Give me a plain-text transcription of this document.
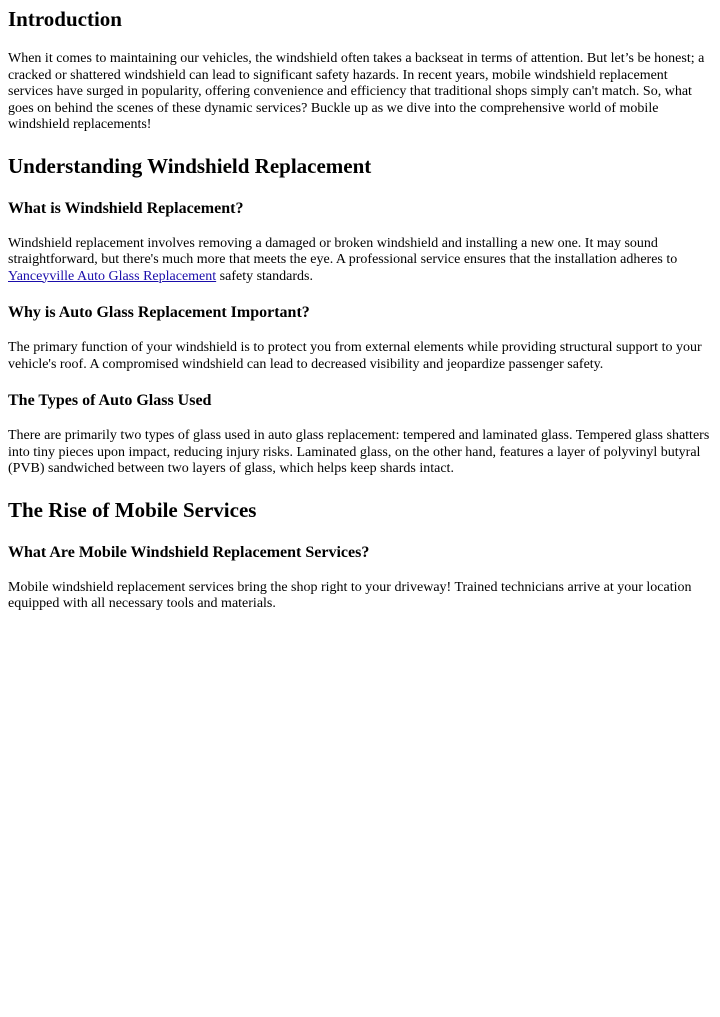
Introduction

When it comes to maintaining our vehicles, the windshield often takes a backseat in terms of attention. But let’s be honest; a cracked or shattered windshield can lead to significant safety hazards. In recent years, mobile windshield replacement services have surged in popularity, offering convenience and efficiency that traditional shops simply can't match. So, what goes on behind the scenes of these dynamic services? Buckle up as we dive into the comprehensive world of mobile windshield replacements!

Understanding Windshield Replacement
What is Windshield Replacement?

Windshield replacement involves removing a damaged or broken windshield and installing a new one. It may sound straightforward, but there's much more that meets the eye. A professional service ensures that the installation adheres to Yanceyville Auto Glass Replacement safety standards.

Why is Auto Glass Replacement Important?

The primary function of your windshield is to protect you from external elements while providing structural support to your vehicle's roof. A compromised windshield can lead to decreased visibility and jeopardize passenger safety.

The Types of Auto Glass Used

There are primarily two types of glass used in auto glass replacement: tempered and laminated glass. Tempered glass shatters into tiny pieces upon impact, reducing injury risks. Laminated glass, on the other hand, features a layer of polyvinyl butyral (PVB) sandwiched between two layers of glass, which helps keep shards intact.

The Rise of Mobile Services
What Are Mobile Windshield Replacement Services?

Mobile windshield replacement services bring the shop right to your driveway! Trained technicians arrive at your location equipped with all necessary tools and materials.
